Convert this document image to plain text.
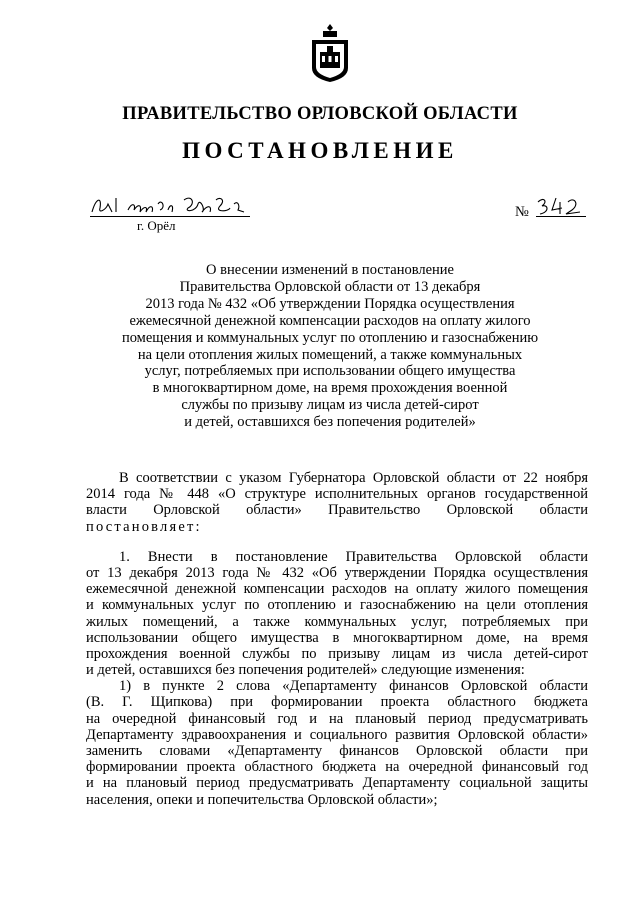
ПРАВИТЕЛЬСТВО ОРЛОВСКОЙ ОБЛАСТИ
ПОСТАНОВЛЕНИЕ
г. Орёл
№
О внесении изменений в постановление
Правительства Орловской области от 13 декабря
2013 года № 432 «Об утверждении Порядка осуществления
ежемесячной денежной компенсации расходов на оплату жилого
помещения и коммунальных услуг по отоплению и газоснабжению
на цели отопления жилых помещений, а также коммунальных
услуг, потребляемых при использовании общего имущества
в многоквартирном доме, на время прохождения военной
службы по призыву лицам из числа детей-сирот
и детей, оставшихся без попечения родителей»
В соответствии с указом Губернатора Орловской области от 22 ноября
2014 года № 448 «О структуре исполнительных органов государственной
власти Орловской области» Правительство Орловской области
постановляет:
1. Внести в постановление Правительства Орловской области
от 13 декабря 2013 года № 432 «Об утверждении Порядка осуществления
ежемесячной денежной компенсации расходов на оплату жилого помещения
и коммунальных услуг по отоплению и газоснабжению на цели отопления
жилых помещений, а также коммунальных услуг, потребляемых при
использовании общего имущества в многоквартирном доме, на время
прохождения военной службы по призыву лицам из числа детей-сирот
и детей, оставшихся без попечения родителей» следующие изменения:
1) в пункте 2 слова «Департаменту финансов Орловской области
(В. Г. Щипкова) при формировании проекта областного бюджета
на очередной финансовый год и на плановый период предусматривать
Департаменту здравоохранения и социального развития Орловской области»
заменить словами «Департаменту финансов Орловской области при
формировании проекта областного бюджета на очередной финансовый год
и на плановый период предусматривать Департаменту социальной защиты
населения, опеки и попечительства Орловской области»;
